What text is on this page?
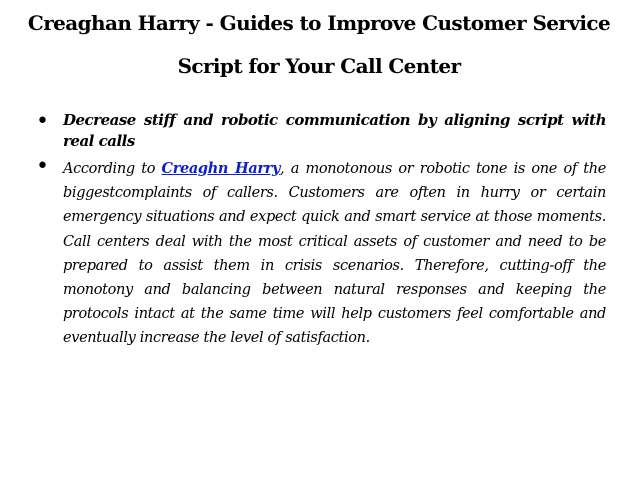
Creaghan Harry - Guides to Improve Customer Service Script for Your Call Center
• Decrease stiff and robotic communication by aligning script with real calls
• According to Creaghn Harry, a monotonous or robotic tone is one of the biggestcomplaints of callers. Customers are often in hurry or certain emergency situations and expect quick and smart service at those moments. Call centers deal with the most critical assets of customer and need to be prepared to assist them in crisis scenarios. Therefore, cutting-off the monotony and balancing between natural responses and keeping the protocols intact at the same time will help customers feel comfortable and eventually increase the level of satisfaction.
